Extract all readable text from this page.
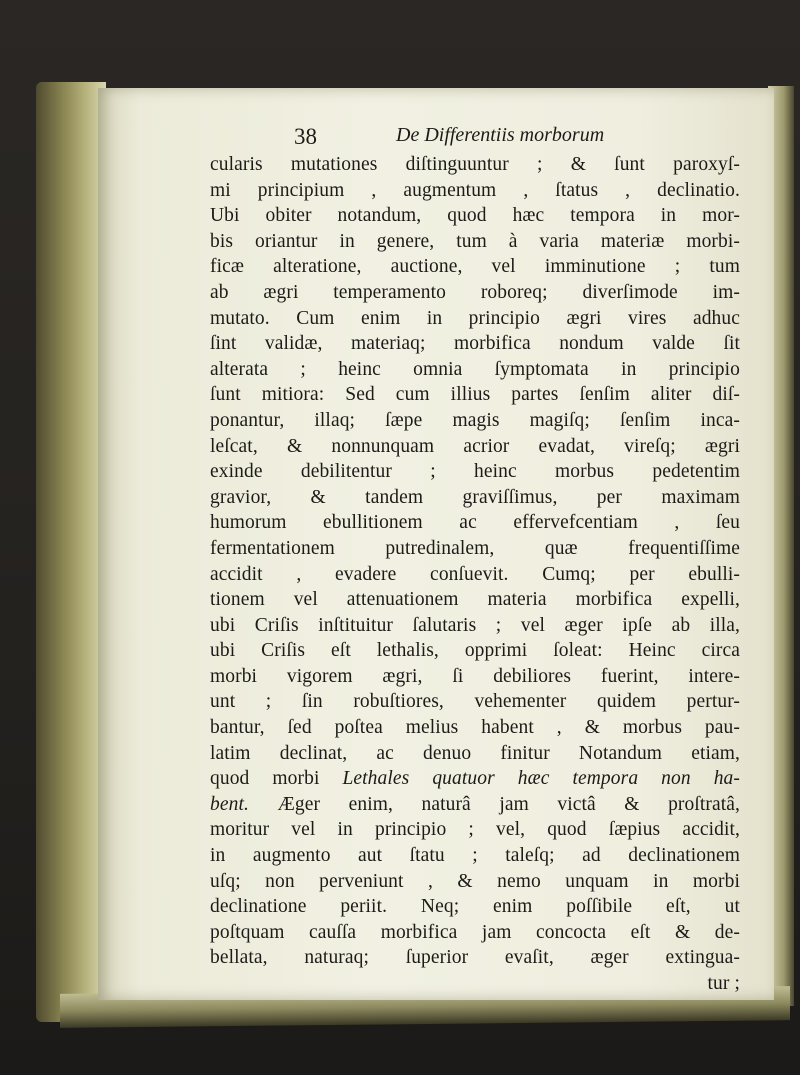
38	De Differentiis morborum
cularis mutationes diſtinguuntur ; & ſunt paroxyſ-
mi principium , augmentum , ſtatus , declinatio.
Ubi obiter notandum, quod hæc tempora in mor-
bis oriantur in genere, tum à varia materiæ morbi-
ficæ alteratione, auctione, vel imminutione ; tum
ab ægri temperamento roboreq; diverſimode im-
mutato. Cum enim in principio ægri vires adhuc
ſint validæ, materiaq; morbifica nondum valde ſit
alterata ; heinc omnia ſymptomata in principio
ſunt mitiora: Sed cum illius partes ſenſim aliter diſ-
ponantur, illaq; ſæpe magis magiſq; ſenſim inca-
leſcat, & nonnunquam acrior evadat, vireſq; ægri
exinde debilitentur ; heinc morbus pedetentim
gravior, & tandem graviſſimus, per maximam
humorum ebullitionem ac effervefcentiam , ſeu
fermentationem putredinalem, quæ frequentiſſime
accidit , evadere conſuevit. Cumq; per ebulli-
tionem vel attenuationem materia morbifica expelli,
ubi Criſis inſtituitur ſalutaris ; vel æger ipſe ab illa,
ubi Criſis eſt lethalis, opprimi ſoleat: Heinc circa
morbi vigorem ægri, ſi debiliores fuerint, intere-
unt ; ſin robuſtiores, vehementer quidem pertur-
bantur, ſed poſtea melius habent , & morbus pau-
latim declinat, ac denuo finitur Notandum etiam,
quod morbi Lethales quatuor hæc tempora non ha-
bent. Æger enim, naturâ jam victâ & proſtratâ,
moritur vel in principio ; vel, quod ſæpius accidit,
in augmento aut ſtatu ; taleſq; ad declinationem
uſq; non perveniunt , & nemo unquam in morbi
declinatione periit. Neq; enim poſſibile eſt, ut
poſtquam cauſſa morbifica jam concocta eſt & de-
bellata, naturaq; ſuperior evaſit, æger extingua-
tur ;
